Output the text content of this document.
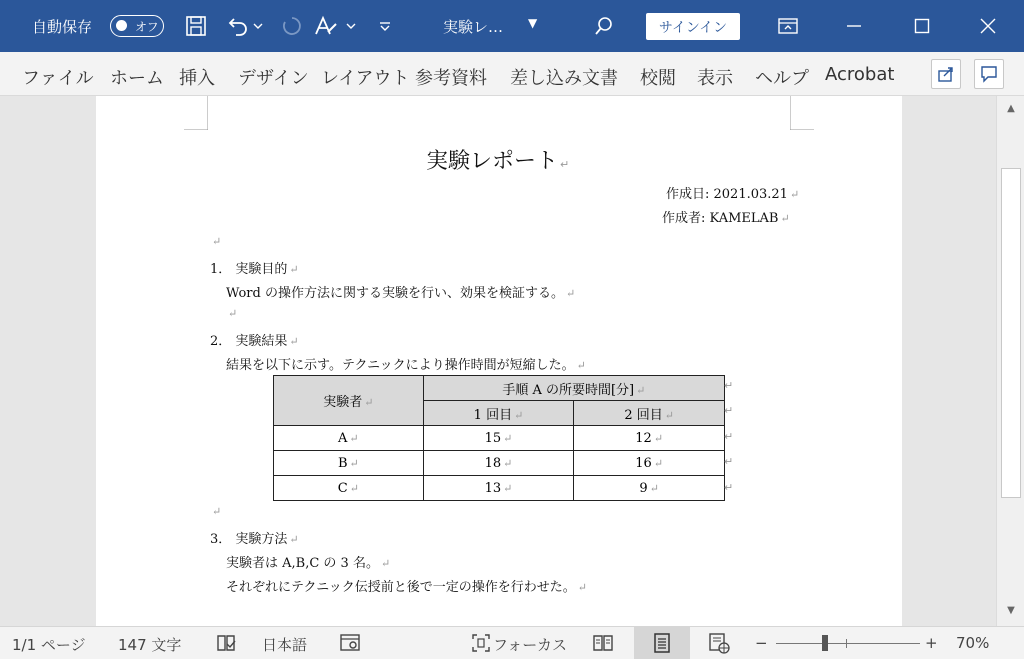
自動保存	オフ	実験レ… ▼	サインイン
ファイル ホーム 挿入 デザイン レイアウト 参考資料 差し込み文書 校閲 表示 ヘルプ Acrobat
実験レポート ↵
作成日: 2021.03.21 ↵
作成者: KAMELAB ↵
↵
1． 実験目的 ↵
Word の操作方法に関する実験を行い、効果を検証する。 ↵
↵
2． 実験結果 ↵
結果を以下に示す。テクニックにより操作時間が短縮した。 ↵
実験者 ↵	手順 A の所要時間[分] ↵	
	1 回目 ↵	2 回目 ↵
A ↵	15 ↵	12 ↵
B ↵	18 ↵	16 ↵
C ↵	13 ↵	9 ↵
↵
↵
↵
↵
↵
↵
3． 実験方法 ↵
実験者は A,B,C の 3 名。 ↵
それぞれにテクニック伝授前と後で一定の操作を行わせた。 ↵
▲
▼
1/1 ページ 147 文字	日本語	フォーカス	−	+ 70%
